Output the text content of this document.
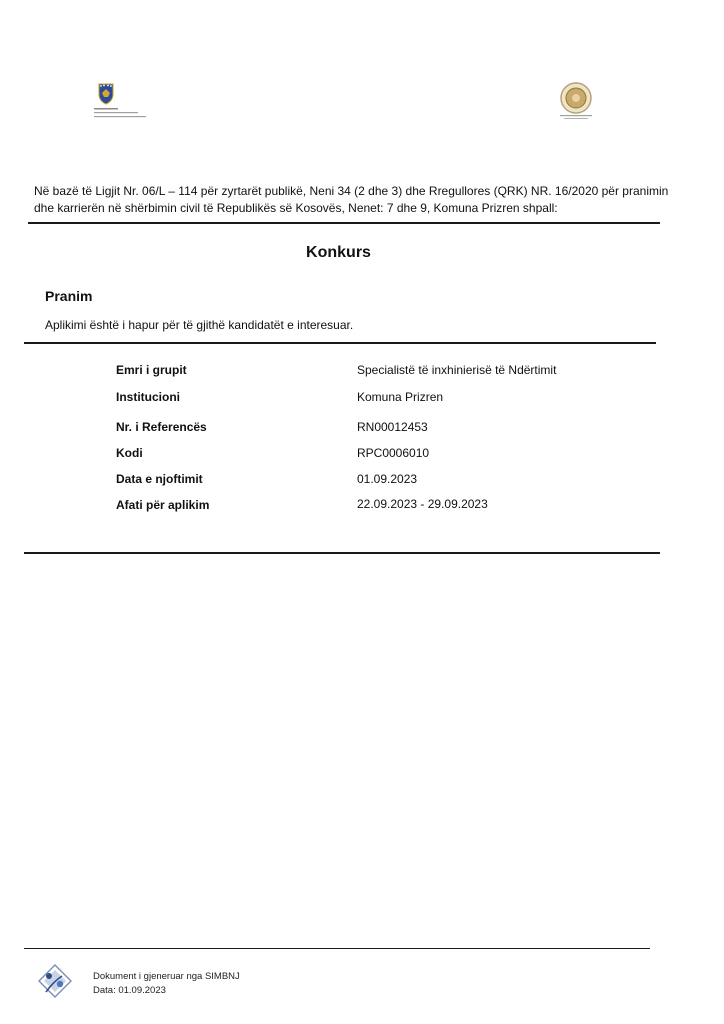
Në bazë të Ligjit Nr. 06/L – 114 për zyrtarët publikë, Neni 34 (2 dhe 3) dhe Rregullores (QRK) NR. 16/2020 për pranimin dhe karrierën në shërbimin civil të Republikës së Kosovës, Nenet: 7 dhe 9, Komuna Prizren shpall:
Konkurs
Pranim
Aplikimi është i hapur për të gjithë kandidatët e interesuar.
Emri i grupit	Specialistë të inxhinierisë të Ndërtimit
Institucioni	Komuna Prizren
Nr. i Referencës	RN00012453
Kodi	RPC0006010
Data e njoftimit	01.09.2023
Afati për aplikim	22.09.2023 - 29.09.2023
Dokument i gjeneruar nga SIMBNJ
Data: 01.09.2023
